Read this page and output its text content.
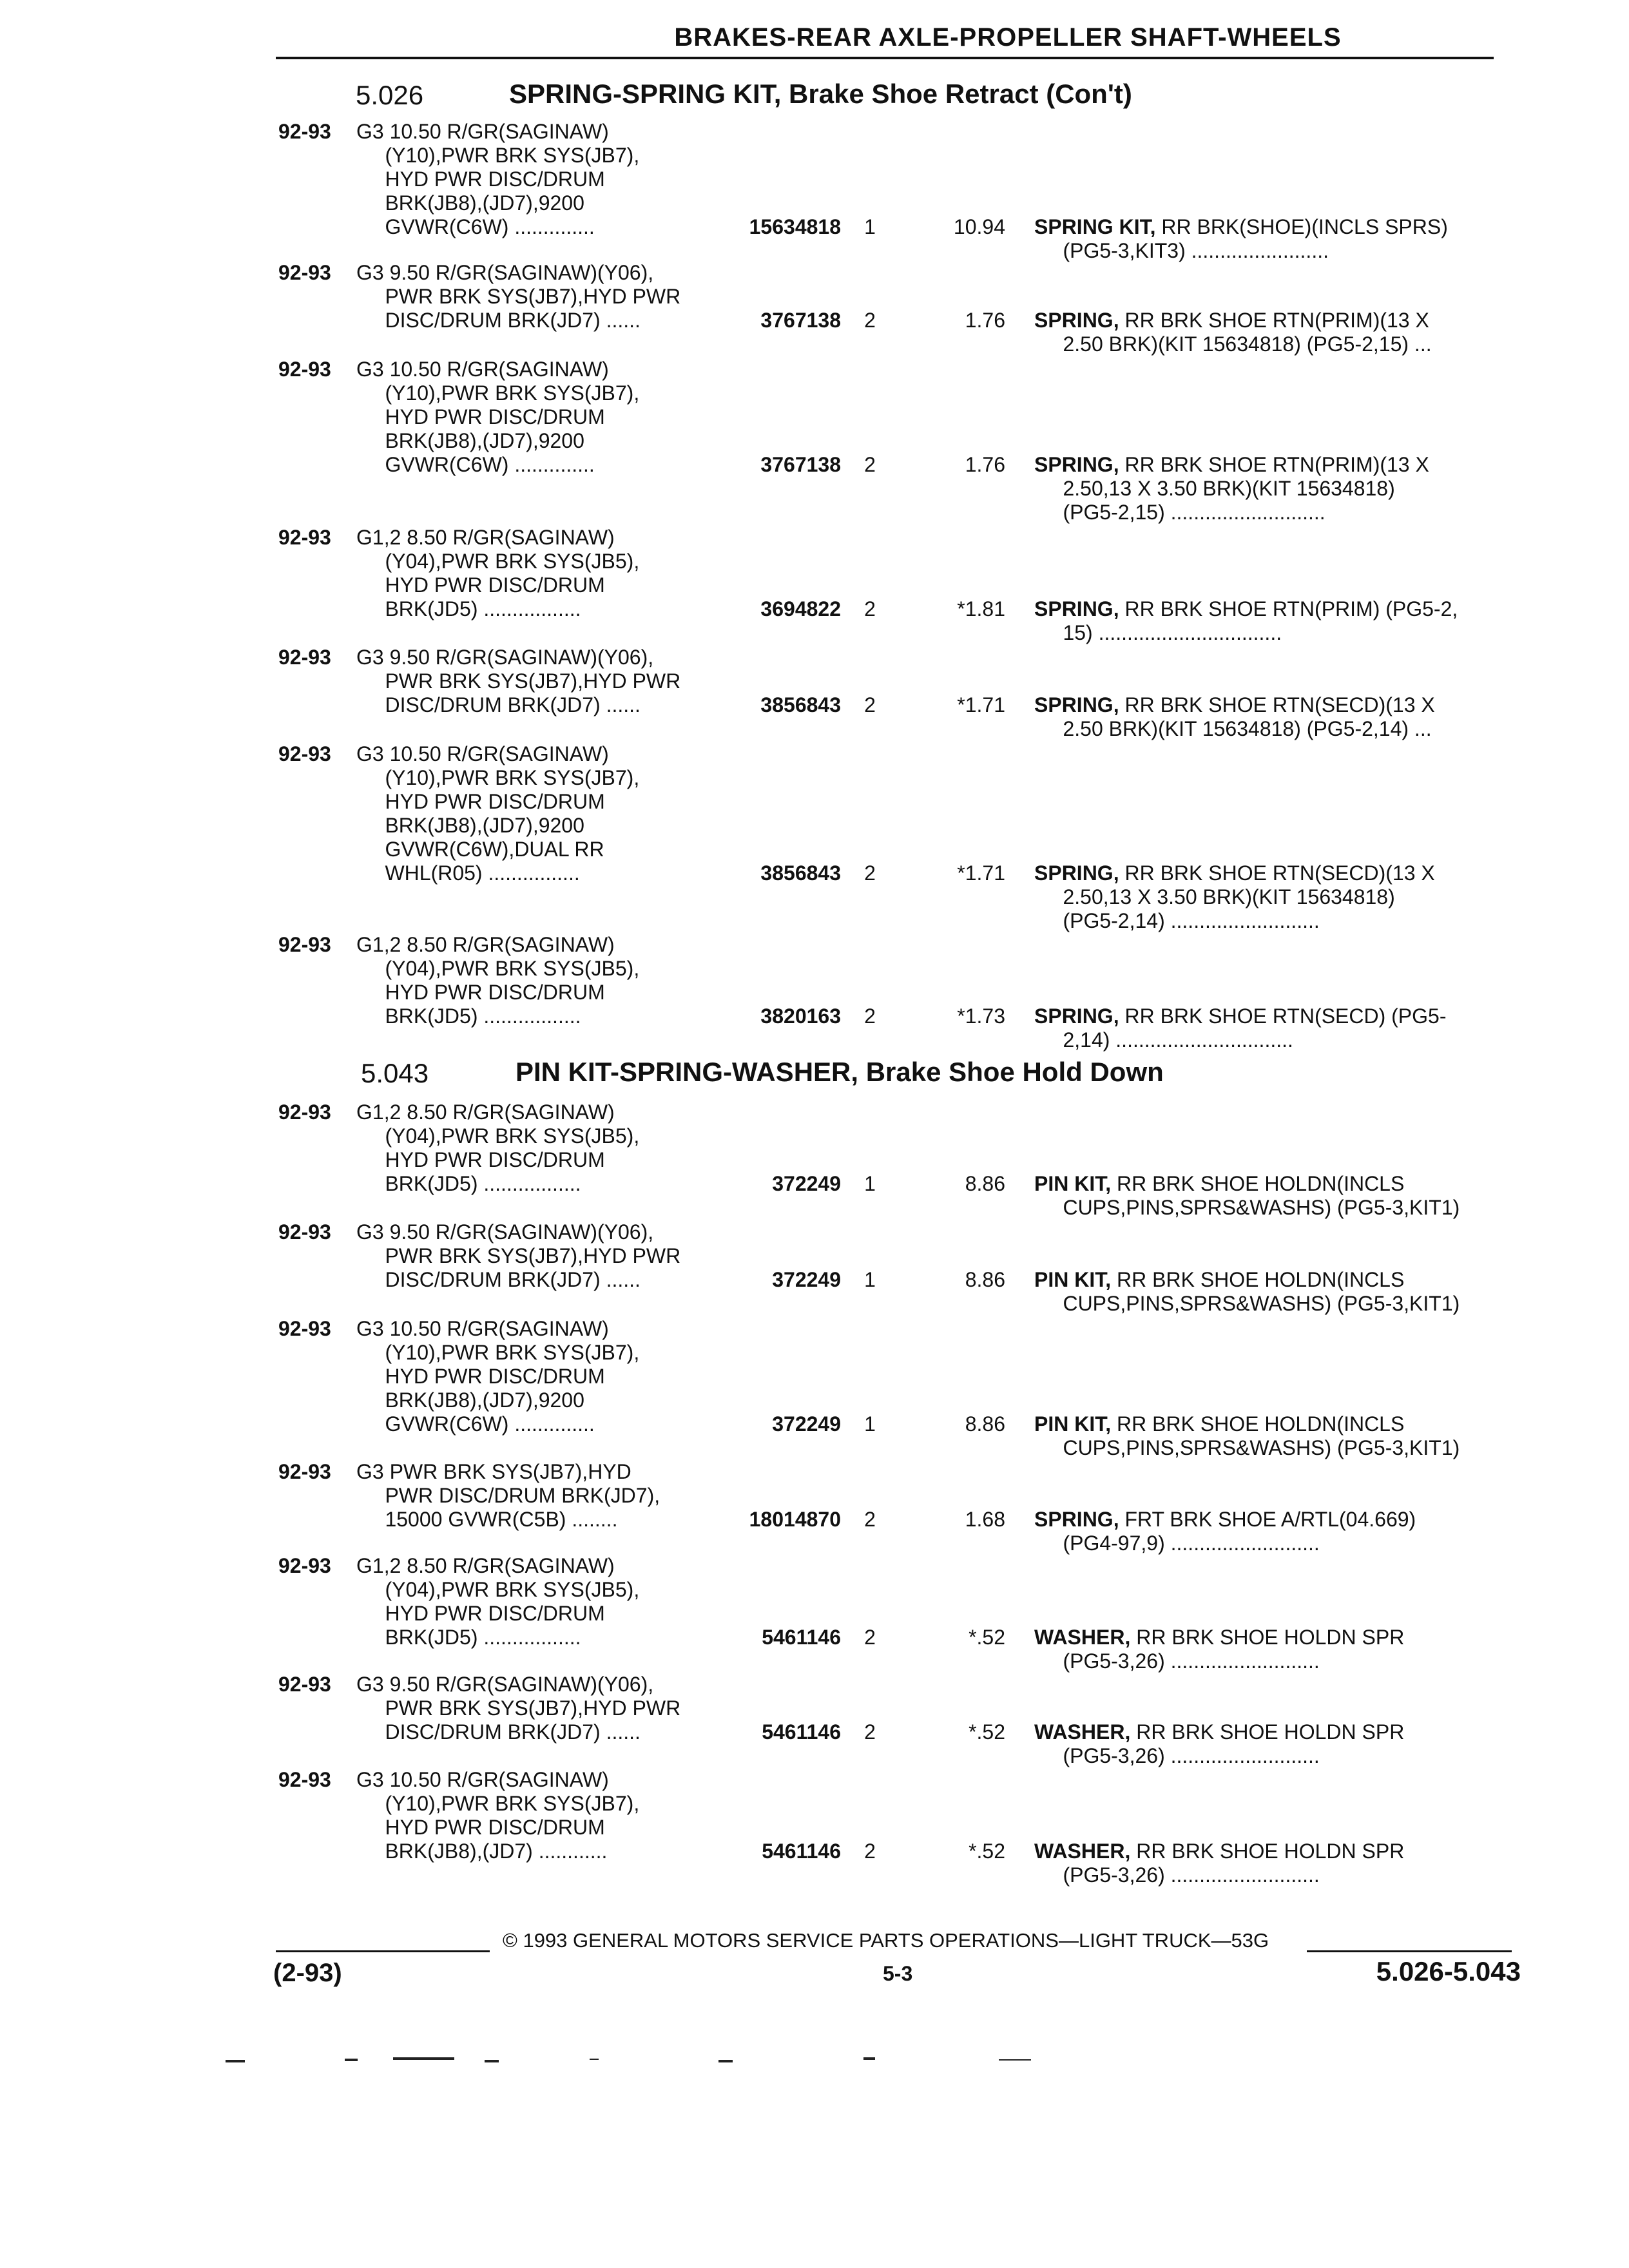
BRAKES-REAR AXLE-PROPELLER SHAFT-WHEELS
5.026	SPRING-SPRING KIT, Brake Shoe Retract (Con't)
5.043	PIN KIT-SPRING-WASHER, Brake Shoe Hold Down
92-93 G3 10.50 R/GR(SAGINAW)
(Y10),PWR BRK SYS(JB7),
HYD PWR DISC/DRUM
BRK(JB8),(JD7),9200
GVWR(C6W) ..............	15634818	1	10.94 SPRING KIT, RR BRK(SHOE)(INCLS SPRS)
(PG5-3,KIT3) ........................
92-93 G3 9.50 R/GR(SAGINAW)(Y06),
PWR BRK SYS(JB7),HYD PWR
DISC/DRUM BRK(JD7) ......	3767138	2	1.76 SPRING, RR BRK SHOE RTN(PRIM)(13 X
2.50 BRK)(KIT 15634818) (PG5-2,15) ...
92-93 G3 10.50 R/GR(SAGINAW)
(Y10),PWR BRK SYS(JB7),
HYD PWR DISC/DRUM
BRK(JB8),(JD7),9200
GVWR(C6W) ..............	3767138	2	1.76 SPRING, RR BRK SHOE RTN(PRIM)(13 X
2.50,13 X 3.50 BRK)(KIT 15634818)
(PG5-2,15) ...........................
92-93 G1,2 8.50 R/GR(SAGINAW)
(Y04),PWR BRK SYS(JB5),
HYD PWR DISC/DRUM
BRK(JD5) .................	3694822	2	*1.81 SPRING, RR BRK SHOE RTN(PRIM) (PG5-2,
15) ................................
92-93 G3 9.50 R/GR(SAGINAW)(Y06),
PWR BRK SYS(JB7),HYD PWR
DISC/DRUM BRK(JD7) ......	3856843	2	*1.71 SPRING, RR BRK SHOE RTN(SECD)(13 X
2.50 BRK)(KIT 15634818) (PG5-2,14) ...
92-93 G3 10.50 R/GR(SAGINAW)
(Y10),PWR BRK SYS(JB7),
HYD PWR DISC/DRUM
BRK(JB8),(JD7),9200
GVWR(C6W),DUAL RR
WHL(R05) ................	3856843	2	*1.71 SPRING, RR BRK SHOE RTN(SECD)(13 X
2.50,13 X 3.50 BRK)(KIT 15634818)
(PG5-2,14) ..........................
92-93 G1,2 8.50 R/GR(SAGINAW)
(Y04),PWR BRK SYS(JB5),
HYD PWR DISC/DRUM
BRK(JD5) .................	3820163	2	*1.73 SPRING, RR BRK SHOE RTN(SECD) (PG5-
2,14) ...............................
92-93 G1,2 8.50 R/GR(SAGINAW)
(Y04),PWR BRK SYS(JB5),
HYD PWR DISC/DRUM
BRK(JD5) .................	372249	1	8.86 PIN KIT, RR BRK SHOE HOLDN(INCLS
CUPS,PINS,SPRS&WASHS) (PG5-3,KIT1)
92-93 G3 9.50 R/GR(SAGINAW)(Y06),
PWR BRK SYS(JB7),HYD PWR
DISC/DRUM BRK(JD7) ......	372249	1	8.86 PIN KIT, RR BRK SHOE HOLDN(INCLS
CUPS,PINS,SPRS&WASHS) (PG5-3,KIT1)
92-93 G3 10.50 R/GR(SAGINAW)
(Y10),PWR BRK SYS(JB7),
HYD PWR DISC/DRUM
BRK(JB8),(JD7),9200
GVWR(C6W) ..............	372249	1	8.86 PIN KIT, RR BRK SHOE HOLDN(INCLS
CUPS,PINS,SPRS&WASHS) (PG5-3,KIT1)
92-93 G3 PWR BRK SYS(JB7),HYD
PWR DISC/DRUM BRK(JD7),
15000 GVWR(C5B) ........	18014870	2	1.68 SPRING, FRT BRK SHOE A/RTL(04.669)
(PG4-97,9) ..........................
92-93 G1,2 8.50 R/GR(SAGINAW)
(Y04),PWR BRK SYS(JB5),
HYD PWR DISC/DRUM
BRK(JD5) .................	5461146	2	*.52 WASHER, RR BRK SHOE HOLDN SPR
(PG5-3,26) ..........................
92-93 G3 9.50 R/GR(SAGINAW)(Y06),
PWR BRK SYS(JB7),HYD PWR
DISC/DRUM BRK(JD7) ......	5461146	2	*.52 WASHER, RR BRK SHOE HOLDN SPR
(PG5-3,26) ..........................
92-93 G3 10.50 R/GR(SAGINAW)
(Y10),PWR BRK SYS(JB7),
HYD PWR DISC/DRUM
BRK(JB8),(JD7) ............	5461146	2	*.52 WASHER, RR BRK SHOE HOLDN SPR
(PG5-3,26) ..........................
© 1993 GENERAL MOTORS SERVICE PARTS OPERATIONS—LIGHT TRUCK—53G
(2-93)	5-3	5.026-5.043
